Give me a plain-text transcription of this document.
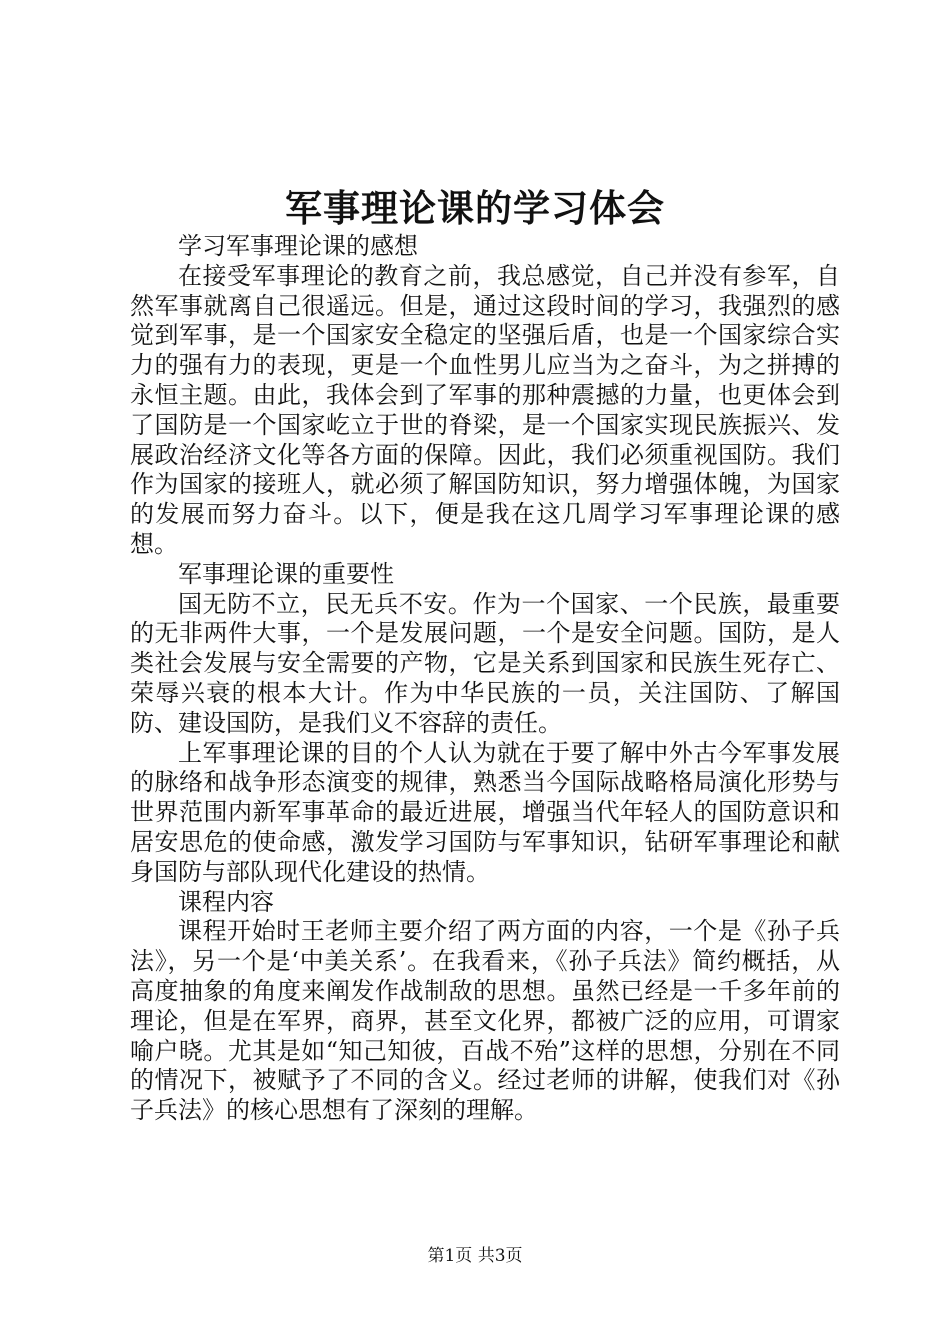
军事理论课的学习体会

学习军事理论课的感想

在接受军事理论的教育之前，我总感觉，自己并没有参军，自然军事就离自己很遥远。但是，通过这段时间的学习，我强烈的感觉到军事，是一个国家安全稳定的坚强后盾，也是一个国家综合实力的强有力的表现，更是一个血性男儿应当为之奋斗，为之拼搏的永恒主题。由此，我体会到了军事的那种震撼的力量，也更体会到了国防是一个国家屹立于世的脊梁，是一个国家实现民族振兴、发展政治经济文化等各方面的保障。因此，我们必须重视国防。我们作为国家的接班人，就必须了解国防知识，努力增强体魄，为国家的发展而努力奋斗。以下，便是我在这几周学习军事理论课的感想。

军事理论课的重要性

国无防不立，民无兵不安。作为一个国家、一个民族，最重要的无非两件大事，一个是发展问题，一个是安全问题。国防，是人类社会发展与安全需要的产物，它是关系到国家和民族生死存亡、荣辱兴衰的根本大计。作为中华民族的一员，关注国防、了解国防、建设国防，是我们义不容辞的责任。

上军事理论课的目的个人认为就在于要了解中外古今军事发展的脉络和战争形态演变的规律，熟悉当今国际战略格局演化形势与世界范围内新军事革命的最近进展，增强当代年轻人的国防意识和居安思危的使命感，激发学习国防与军事知识，钻研军事理论和献身国防与部队现代化建设的热情。

课程内容

课程开始时王老师主要介绍了两方面的内容，一个是《孙子兵法》，另一个是‘中美关系’。在我看来，《孙子兵法》简约概括，从高度抽象的角度来阐发作战制敌的思想。虽然已经是一千多年前的理论，但是在军界，商界，甚至文化界，都被广泛的应用，可谓家喻户晓。尤其是如“知己知彼，百战不殆”这样的思想，分别在不同的情况下，被赋予了不同的含义。经过老师的讲解，使我们对《孙子兵法》的核心思想有了深刻的理解。

第1页 共3页
